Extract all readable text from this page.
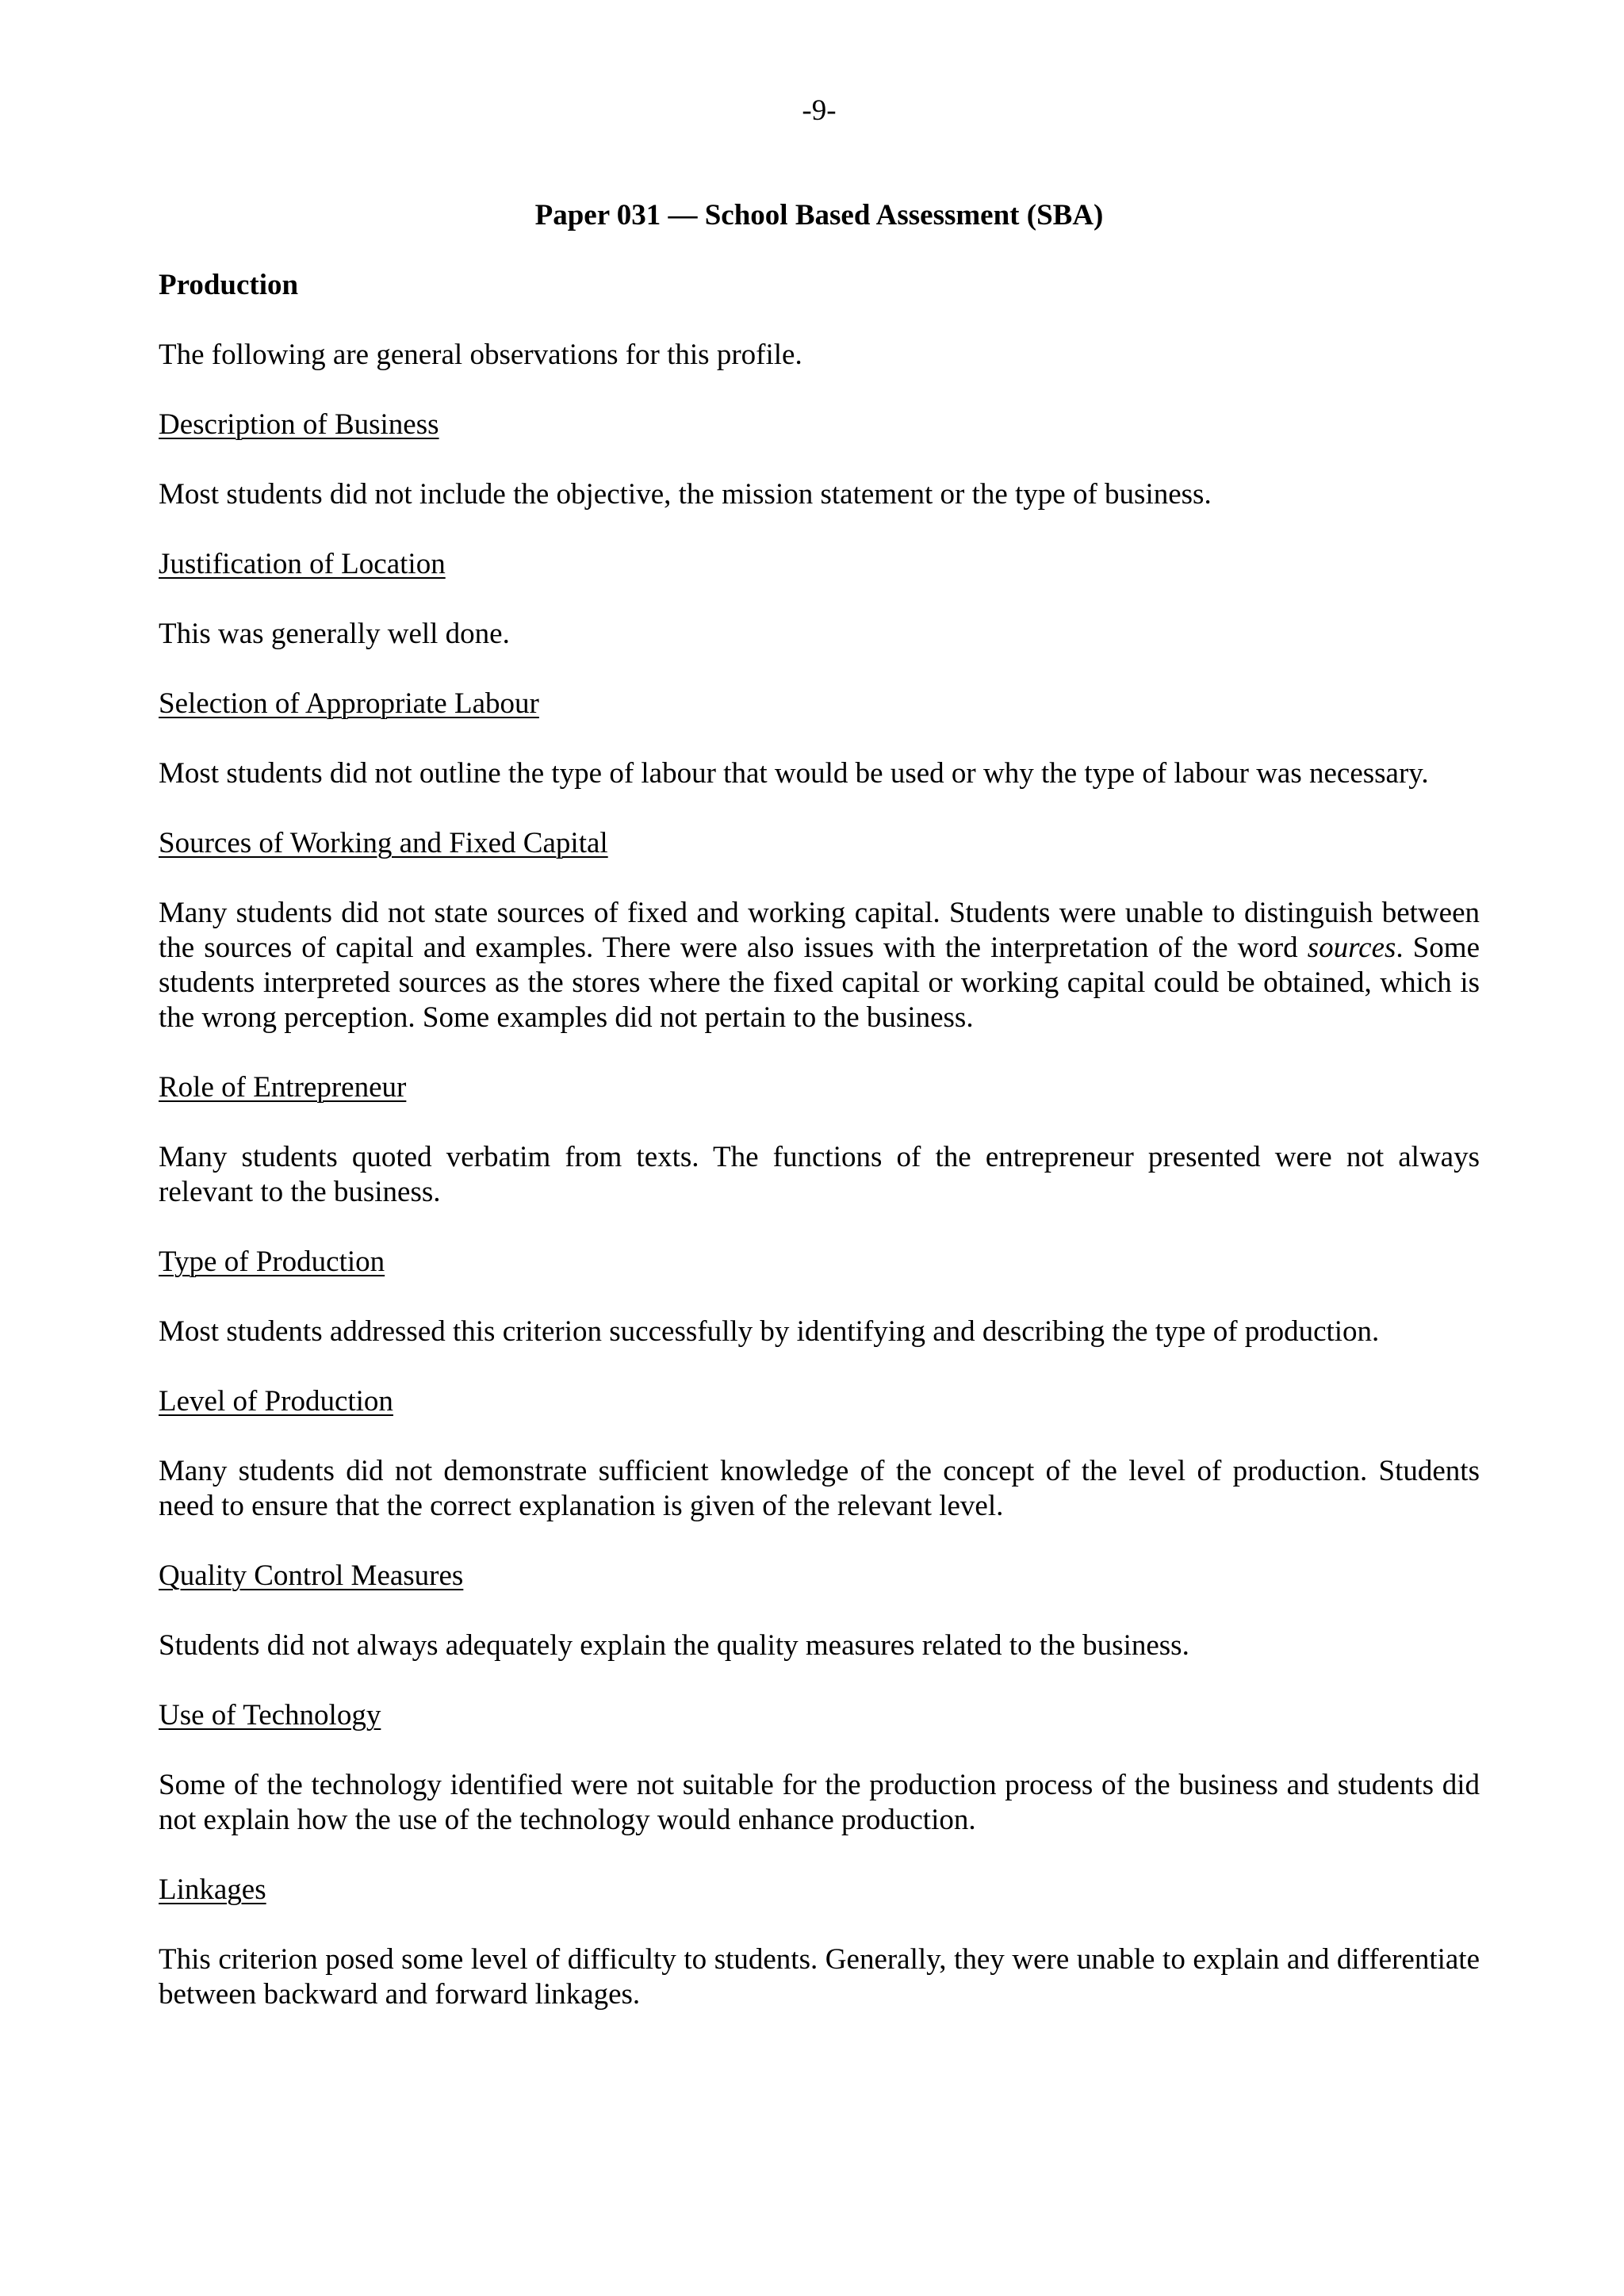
-9-
Paper 031 — School Based Assessment (SBA)
Production
The following are general observations for this profile.
Description of Business
Most students did not include the objective, the mission statement or the type of business.
Justification of Location
This was generally well done.
Selection of Appropriate Labour
Most students did not outline the type of labour that would be used or why the type of labour was necessary.
Sources of Working and Fixed Capital
Many students did not state sources of fixed and working capital. Students were unable to distinguish between the sources of capital and examples. There were also issues with the interpretation of the word sources. Some students interpreted sources as the stores where the fixed capital or working capital could be obtained, which is the wrong perception. Some examples did not pertain to the business.
Role of Entrepreneur
Many students quoted verbatim from texts. The functions of the entrepreneur presented were not always relevant to the business.
Type of Production
Most students addressed this criterion successfully by identifying and describing the type of production.
Level of Production
Many students did not demonstrate sufficient knowledge of the concept of the level of production. Students need to ensure that the correct explanation is given of the relevant level.
Quality Control Measures
Students did not always adequately explain the quality measures related to the business.
Use of Technology
Some of the technology identified were not suitable for the production process of the business and students did not explain how the use of the technology would enhance production.
Linkages
This criterion posed some level of difficulty to students. Generally, they were unable to explain and differentiate between backward and forward linkages.
